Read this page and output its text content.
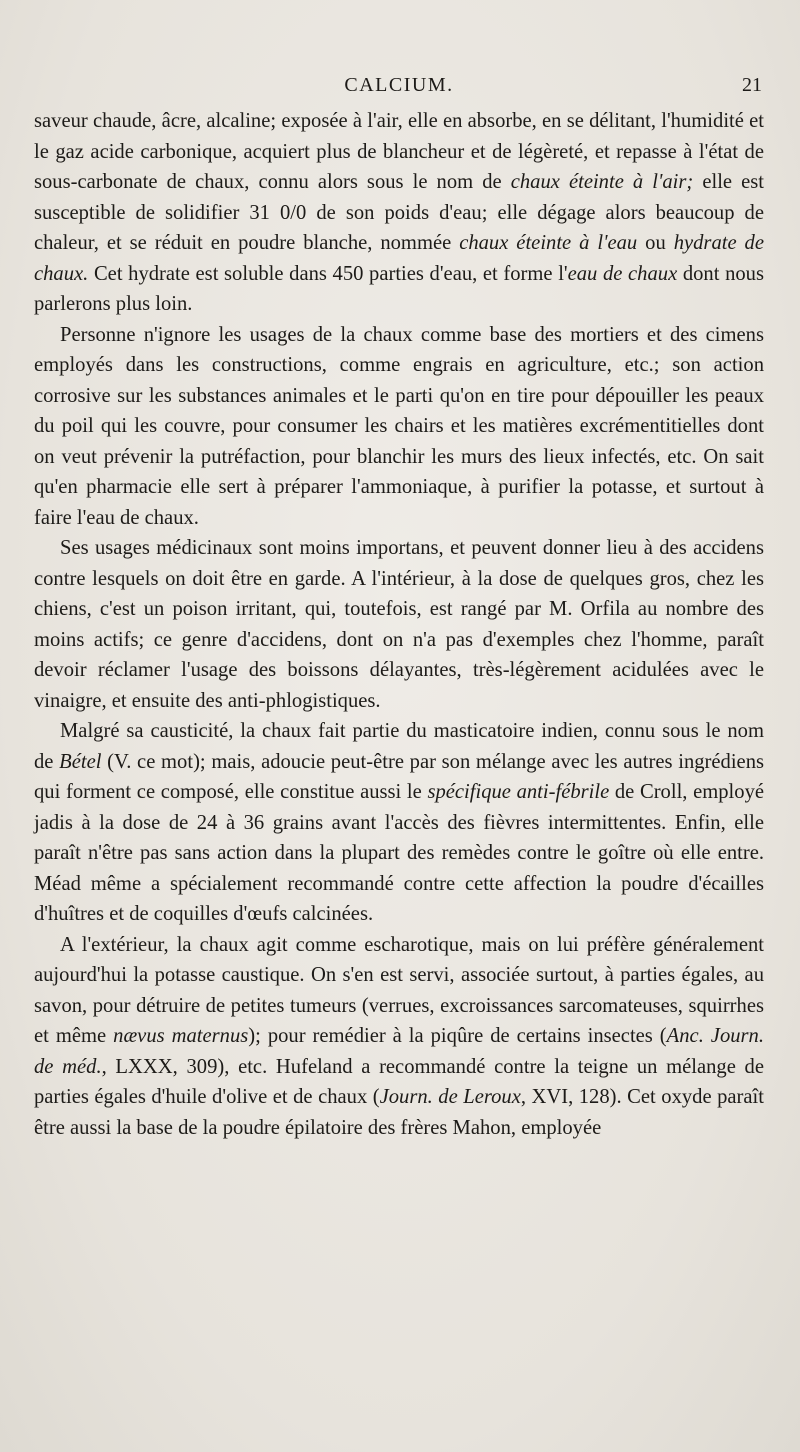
CALCIUM.	21

saveur chaude, âcre, alcaline; exposée à l'air, elle en absorbe, en se délitant, l'humidité et le gaz acide carbonique, acquiert plus de blancheur et de légèreté, et repasse à l'état de sous-carbonate de chaux, connu alors sous le nom de chaux éteinte à l'air; elle est susceptible de solidifier 31 0/0 de son poids d'eau; elle dégage alors beaucoup de chaleur, et se réduit en poudre blanche, nommée chaux éteinte à l'eau ou hydrate de chaux. Cet hydrate est soluble dans 450 parties d'eau, et forme l'eau de chaux dont nous parlerons plus loin.

Personne n'ignore les usages de la chaux comme base des mortiers et des cimens employés dans les constructions, comme engrais en agriculture, etc.; son action corrosive sur les substances animales et le parti qu'on en tire pour dépouiller les peaux du poil qui les couvre, pour consumer les chairs et les matières excrémentitielles dont on veut prévenir la putréfaction, pour blanchir les murs des lieux infectés, etc. On sait qu'en pharmacie elle sert à préparer l'ammoniaque, à purifier la potasse, et surtout à faire l'eau de chaux.

Ses usages médicinaux sont moins importans, et peuvent donner lieu à des accidens contre lesquels on doit être en garde. A l'intérieur, à la dose de quelques gros, chez les chiens, c'est un poison irritant, qui, toutefois, est rangé par M. Orfila au nombre des moins actifs; ce genre d'accidens, dont on n'a pas d'exemples chez l'homme, paraît devoir réclamer l'usage des boissons délayantes, très-légèrement acidulées avec le vinaigre, et ensuite des anti-phlogistiques.

Malgré sa causticité, la chaux fait partie du masticatoire indien, connu sous le nom de Bétel (V. ce mot); mais, adoucie peut-être par son mélange avec les autres ingrédiens qui forment ce composé, elle constitue aussi le spécifique anti-fébrile de Croll, employé jadis à la dose de 24 à 36 grains avant l'accès des fièvres intermittentes. Enfin, elle paraît n'être pas sans action dans la plupart des remèdes contre le goître où elle entre. Méad même a spécialement recommandé contre cette affection la poudre d'écailles d'huîtres et de coquilles d'œufs calcinées.

A l'extérieur, la chaux agit comme escharotique, mais on lui préfère généralement aujourd'hui la potasse caustique. On s'en est servi, associée surtout, à parties égales, au savon, pour détruire de petites tumeurs (verrues, excroissances sarcomateuses, squirrhes et même nævus maternus); pour remédier à la piqûre de certains insectes (Anc. Journ. de méd., LXXX, 309), etc. Hufeland a recommandé contre la teigne un mélange de parties égales d'huile d'olive et de chaux (Journ. de Leroux, XVI, 128). Cet oxyde paraît être aussi la base de la poudre épilatoire des frères Mahon, employée
